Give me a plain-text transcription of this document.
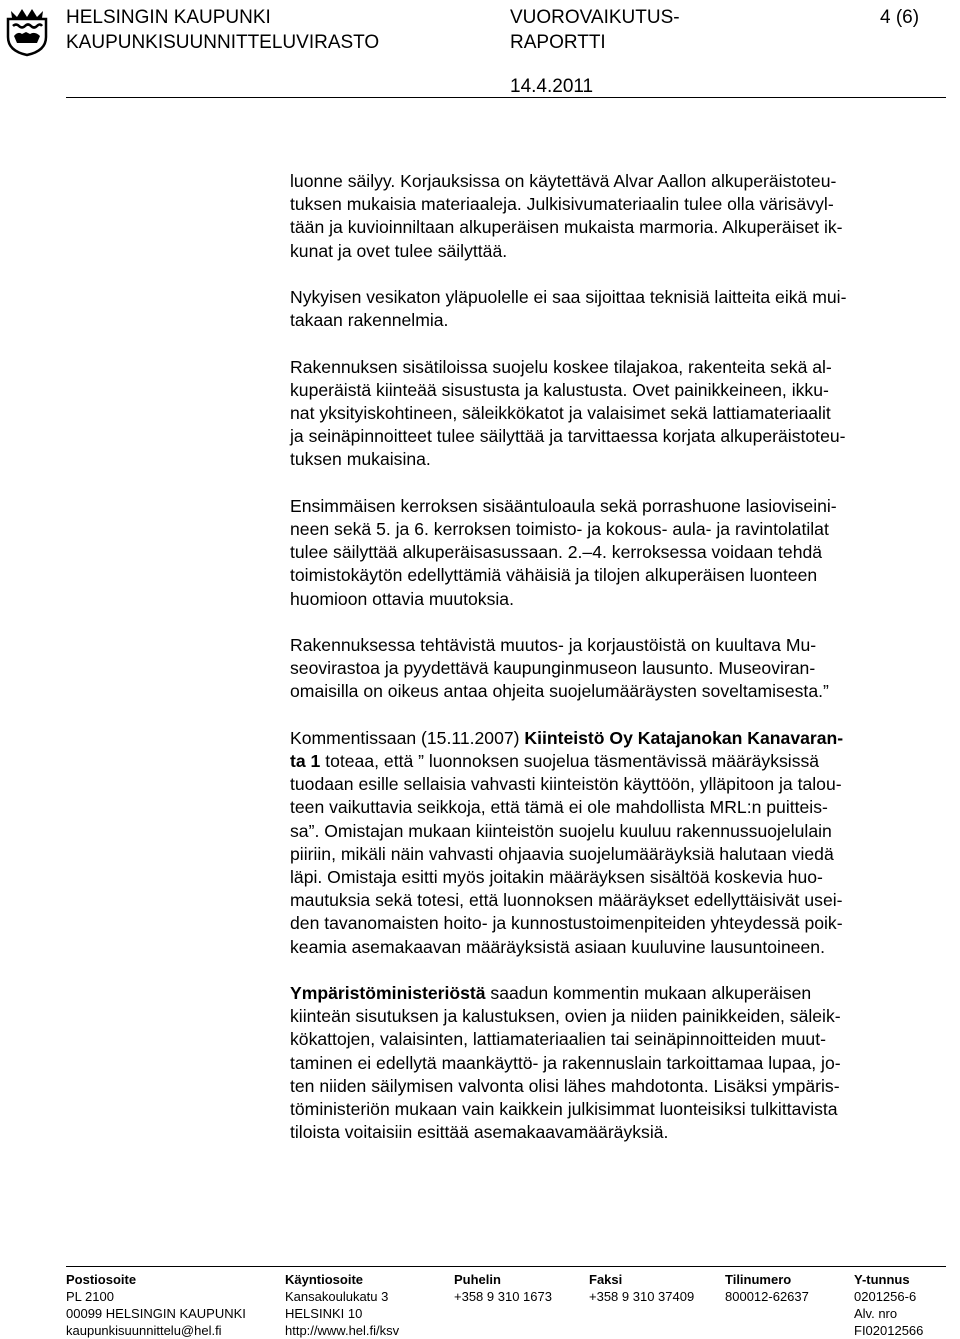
HELSINGIN KAUPUNKI
KAUPUNKISUUNNITTELUVIRASTO
VUOROVAIKUTUS-
RAPORTTI
4 (6)
14.4.2011

luonne säilyy. Korjauksissa on käytettävä Alvar Aallon alkuperäistoteu-
tuksen mukaisia materiaaleja. Julkisivumateriaalin tulee olla värisävyl-
tään ja kuvioinniltaan alkuperäisen mukaista marmoria. Alkuperäiset ik-
kunat ja ovet tulee säilyttää.

Nykyisen vesikaton yläpuolelle ei saa sijoittaa teknisiä laitteita eikä mui-
takaan rakennelmia.

Rakennuksen sisätiloissa suojelu koskee tilajakoa, rakenteita sekä al-
kuperäistä kiinteää sisustusta ja kalustusta. Ovet painikkeineen, ikku-
nat yksityiskohtineen, säleikkökatot ja valaisimet sekä lattiamateriaalit
ja seinäpinnoitteet tulee säilyttää ja tarvittaessa korjata alkuperäistoteu-
tuksen mukaisina.

Ensimmäisen kerroksen sisääntuloaula sekä porrashuone lasioviseini-
neen sekä 5. ja 6. kerroksen toimisto- ja kokous- aula- ja ravintolatilat
tulee säilyttää alkuperäisasussaan. 2.–4. kerroksessa voidaan tehdä
toimistokäytön edellyttämiä vähäisiä ja tilojen alkuperäisen luonteen
huomioon ottavia muutoksia.

Rakennuksessa tehtävistä muutos- ja korjaustöistä on kuultava Mu-
seovirastoa ja pyydettävä kaupunginmuseon lausunto. Museoviran-
omaisilla on oikeus antaa ohjeita suojelumääräysten soveltamisesta.”

Kommentissaan (15.11.2007) Kiinteistö Oy Katajanokan Kanavaran-
ta 1 toteaa, että ” luonnoksen suojelua täsmentävissä määräyksissä
tuodaan esille sellaisia vahvasti kiinteistön käyttöön, ylläpitoon ja talou-
teen vaikuttavia seikkoja, että tämä ei ole mahdollista MRL:n puitteis-
sa”. Omistajan mukaan kiinteistön suojelu kuuluu rakennussuojelulain
piiriin, mikäli näin vahvasti ohjaavia suojelumääräyksiä halutaan viedä
läpi. Omistaja esitti myös joitakin määräyksen sisältöä koskevia huo-
mautuksia sekä totesi, että luonnoksen määräykset edellyttäisivät usei-
den tavanomaisten hoito- ja kunnostustoimenpiteiden yhteydessä poik-
keamia asemakaavan määräyksistä asiaan kuuluvine lausuntoineen.

Ympäristöministeriöstä saadun kommentin mukaan alkuperäisen
kiinteän sisutuksen ja kalustuksen, ovien ja niiden painikkeiden, säleik-
kökattojen, valaisinten, lattiamateriaalien tai seinäpinnoitteiden muut-
taminen ei edellytä maankäyttö- ja rakennuslain tarkoittamaa lupaa, jo-
ten niiden säilymisen valvonta olisi lähes mahdotonta. Lisäksi ympäris-
töministeriön mukaan vain kaikkein julkisimmat luonteisiksi tulkittavista
tiloista voitaisiin esittää asemakaavamääräyksiä.

Postiosoite
PL 2100
00099 HELSINGIN KAUPUNKI
kaupunkisuunnittelu@hel.fi
Käyntiosoite
Kansakoulukatu 3
HELSINKI 10
http://www.hel.fi/ksv
Puhelin
+358 9 310 1673
Faksi
+358 9 310 37409
Tilinumero
800012-62637
Y-tunnus
0201256-6
Alv. nro
FI02012566
